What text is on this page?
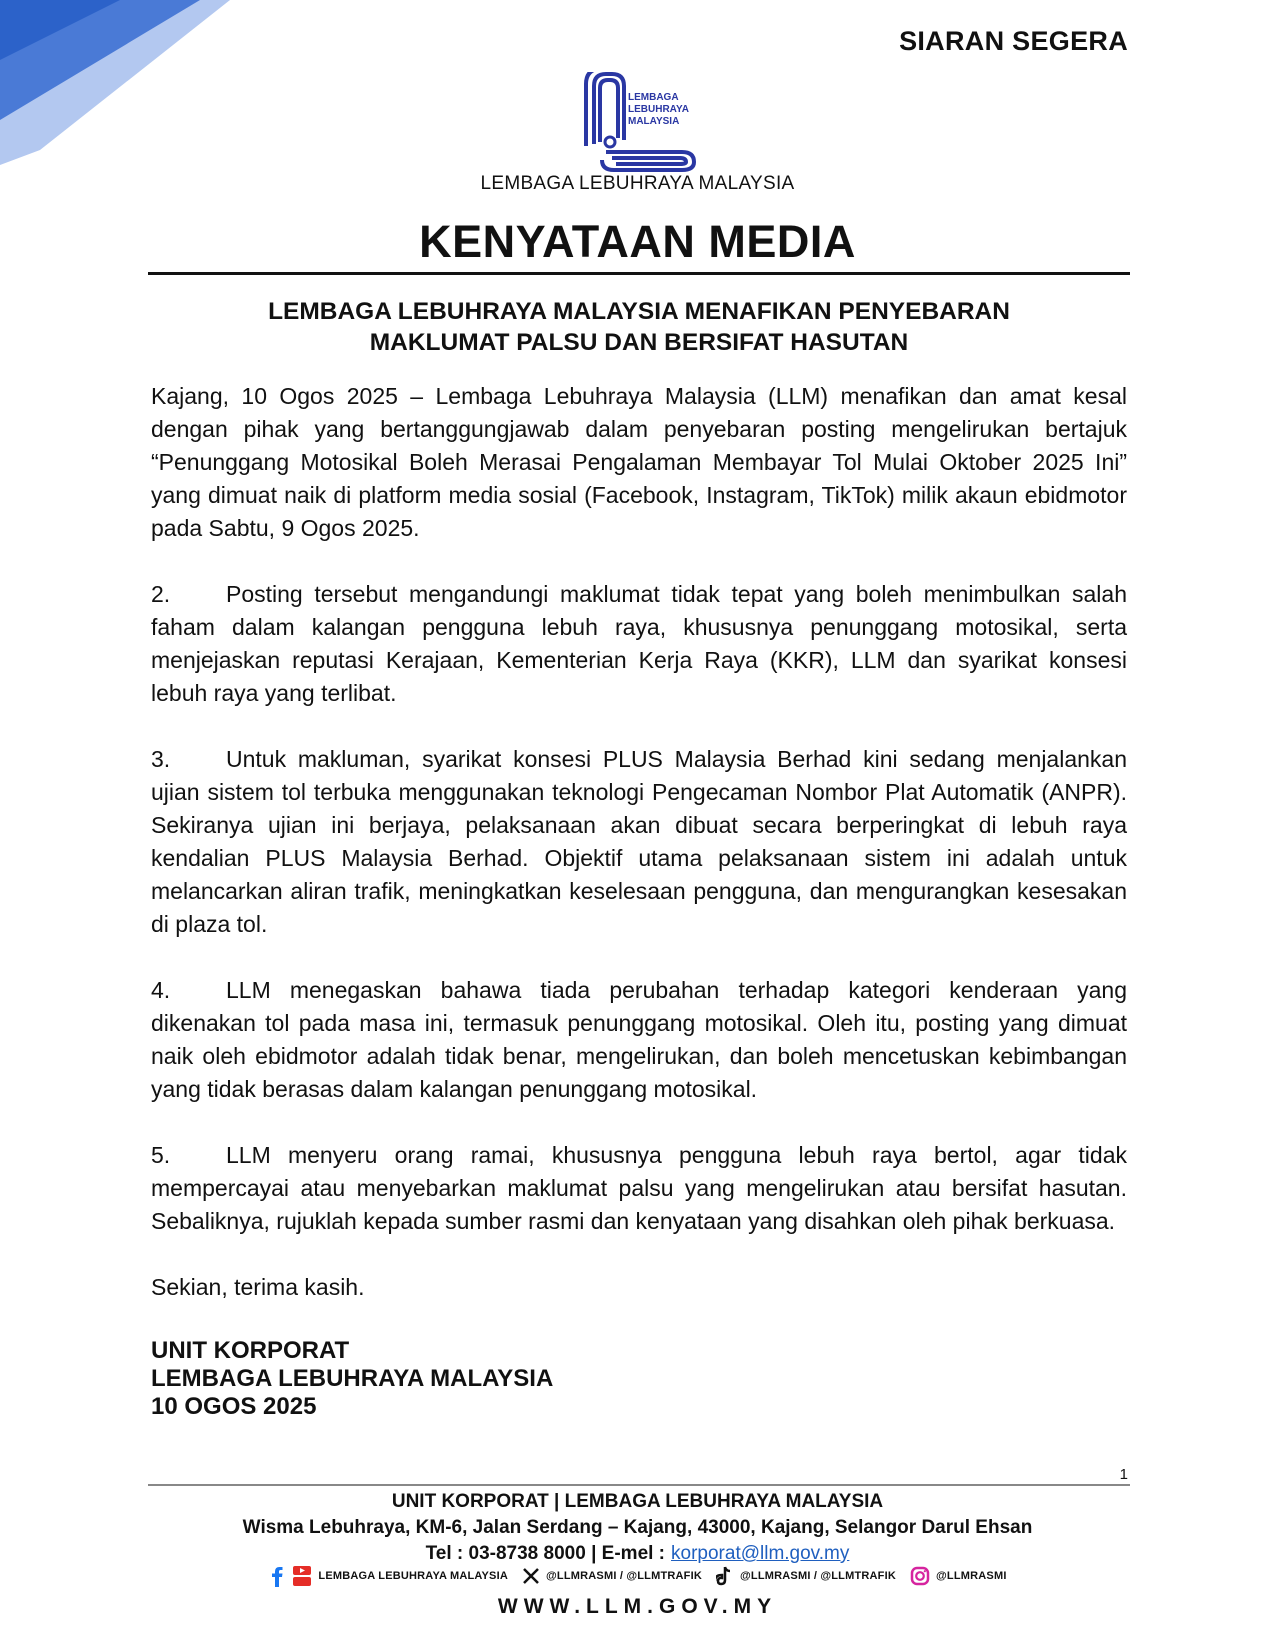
SIARAN SEGERA
LEMBAGA
LEBUHRAYA
MALAYSIA
LEMBAGA LEBUHRAYA MALAYSIA
KENYATAAN MEDIA
LEMBAGA LEBUHRAYA MALAYSIA MENAFIKAN PENYEBARAN
MAKLUMAT PALSU DAN BERSIFAT HASUTAN

Kajang, 10 Ogos 2025 – Lembaga Lebuhraya Malaysia (LLM) menafikan dan amat kesal dengan pihak yang bertanggungjawab dalam penyebaran posting mengelirukan bertajuk “Penunggang Motosikal Boleh Merasai Pengalaman Membayar Tol Mulai Oktober 2025 Ini” yang dimuat naik di platform media sosial (Facebook, Instagram, TikTok) milik akaun ebidmotor pada Sabtu, 9 Ogos 2025.

2. Posting tersebut mengandungi maklumat tidak tepat yang boleh menimbulkan salah faham dalam kalangan pengguna lebuh raya, khususnya penunggang motosikal, serta menjejaskan reputasi Kerajaan, Kementerian Kerja Raya (KKR), LLM dan syarikat konsesi lebuh raya yang terlibat.

3. Untuk makluman, syarikat konsesi PLUS Malaysia Berhad kini sedang menjalankan ujian sistem tol terbuka menggunakan teknologi Pengecaman Nombor Plat Automatik (ANPR). Sekiranya ujian ini berjaya, pelaksanaan akan dibuat secara berperingkat di lebuh raya kendalian PLUS Malaysia Berhad. Objektif utama pelaksanaan sistem ini adalah untuk melancarkan aliran trafik, meningkatkan keselesaan pengguna, dan mengurangkan kesesakan di plaza tol.

4. LLM menegaskan bahawa tiada perubahan terhadap kategori kenderaan yang dikenakan tol pada masa ini, termasuk penunggang motosikal. Oleh itu, posting yang dimuat naik oleh ebidmotor adalah tidak benar, mengelirukan, dan boleh mencetuskan kebimbangan yang tidak berasas dalam kalangan penunggang motosikal.

5. LLM menyeru orang ramai, khususnya pengguna lebuh raya bertol, agar tidak mempercayai atau menyebarkan maklumat palsu yang mengelirukan atau bersifat hasutan. Sebaliknya, rujuklah kepada sumber rasmi dan kenyataan yang disahkan oleh pihak berkuasa.

Sekian, terima kasih.

UNIT KORPORAT
LEMBAGA LEBUHRAYA MALAYSIA
10 OGOS 2025
1
UNIT KORPORAT | LEMBAGA LEBUHRAYA MALAYSIA
Wisma Lebuhraya, KM-6, Jalan Serdang – Kajang, 43000, Kajang, Selangor Darul Ehsan
Tel : 03-8738 8000 | E-mel : korporat@llm.gov.my
LEMBAGA LEBUHRAYA MALAYSIA	@LLMRASMI / @LLMTRAFIK	@LLMRASMI / @LLMTRAFIK	@LLMRASMI
WWW.LLM.GOV.MY
